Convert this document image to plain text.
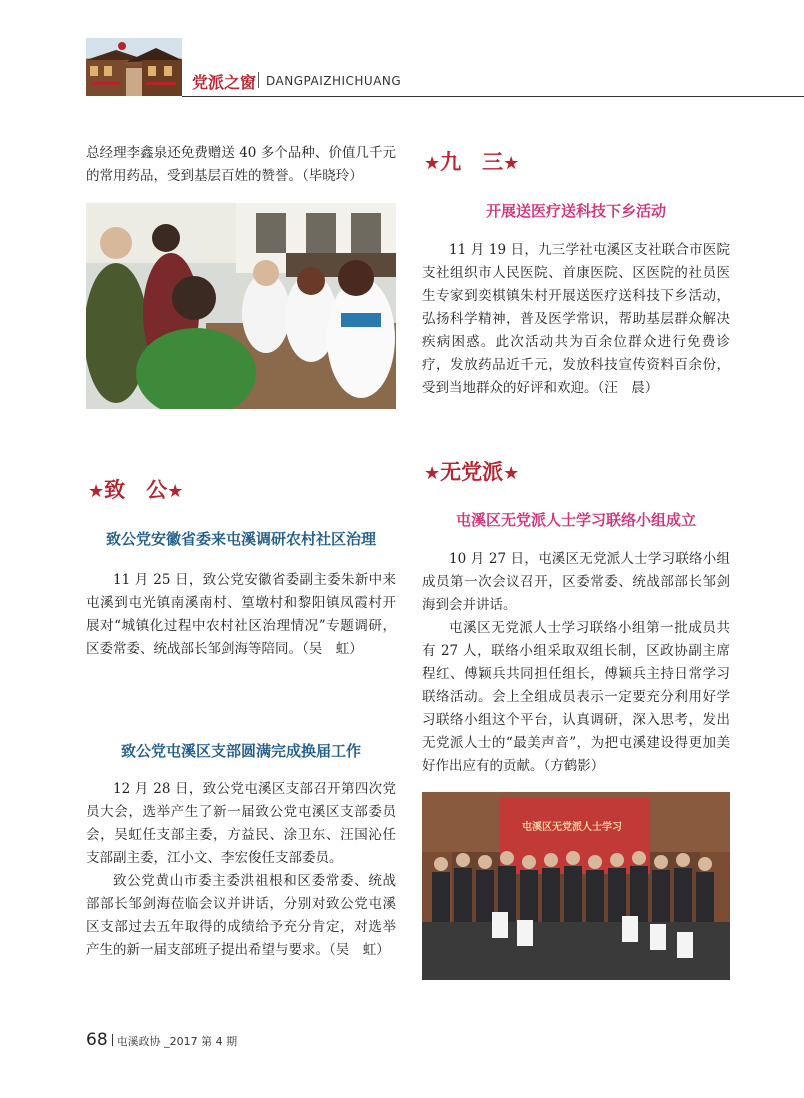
党派之窗 DANGPAIZHICHUANG

总经理李鑫泉还免费赠送 40 多个品种、价值几千元的常用药品，受到基层百姓的赞誉。（毕晓玲）

★致　公★
致公党安徽省委来屯溪调研农村社区治理

11 月 25 日，致公党安徽省委副主委朱新中来屯溪到屯光镇南溪南村、篁墩村和黎阳镇凤霞村开展对“城镇化过程中农村社区治理情况”专题调研，区委常委、统战部长邹剑海等陪同。（吴　虹）

致公党屯溪区支部圆满完成换届工作

12 月 28 日，致公党屯溪区支部召开第四次党员大会，选举产生了新一届致公党屯溪区支部委员会，吴虹任支部主委，方益民、涂卫东、汪国沁任支部副主委，江小文、李宏俊任支部委员。

致公党黄山市委主委洪祖根和区委常委、统战部部长邹剑海莅临会议并讲话，分别对致公党屯溪区支部过去五年取得的成绩给予充分肯定，对选举产生的新一届支部班子提出希望与要求。（吴　虹）

★九　三★
开展送医疗送科技下乡活动

11 月 19 日，九三学社屯溪区支社联合市医院支社组织市人民医院、首康医院、区医院的社员医生专家到奕棋镇朱村开展送医疗送科技下乡活动，弘扬科学精神，普及医学常识，帮助基层群众解决疾病困惑。此次活动共为百余位群众进行免费诊疗，发放药品近千元，发放科技宣传资料百余份，受到当地群众的好评和欢迎。（汪　晨）

★无党派★
屯溪区无党派人士学习联络小组成立

10 月 27 日，屯溪区无党派人士学习联络小组成员第一次会议召开，区委常委、统战部部长邹剑海到会并讲话。

屯溪区无党派人士学习联络小组第一批成员共有 27 人，联络小组采取双组长制，区政协副主席程红、傅颖兵共同担任组长，傅颖兵主持日常学习联络活动。会上全组成员表示一定要充分利用好学习联络小组这个平台，认真调研，深入思考，发出无党派人士的“最美声音”，为把屯溪建设得更加美好作出应有的贡献。（方鹤影）

屯溪区无党派人士学习
68 屯溪政协 _2017 第 4 期
